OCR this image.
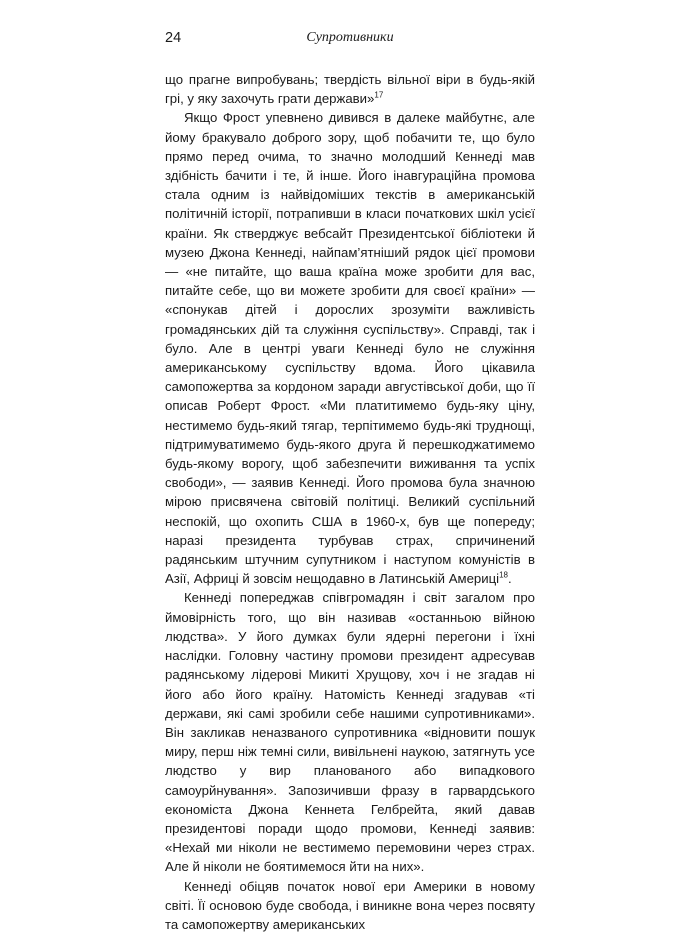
24	Супротивники

що прагне випробувань; твердість вільної віри в будь-якій грі, у яку захочуть грати держави»$^{17}$

Якщо Фрост упевнено дивився в далеке майбутнє, але йому бракувало доброго зору, щоб побачити те, що було прямо перед очима, то значно молодший Кеннеді мав здібність бачити і те, й інше. Його інавгураційна промова стала одним із найвідоміших текстів в американській політичній історії, потрапивши в класи початкових шкіл усієї країни. Як стверджує вебсайт Президентської бібліотеки й музею Джона Кеннеді, найпам’ятніший рядок цієї промови — «не питайте, що ваша країна може зробити для вас, питайте себе, що ви можете зробити для своєї країни» — «спонукав дітей і дорослих зрозуміти важливість громадянських дій та служіння суспільству». Справді, так і було. Але в центрі уваги Кеннеді було не служіння американському суспільству вдома. Його цікавила самопожертва за кордоном заради августівської доби, що її описав Роберт Фрост. «Ми платитимемо будь-яку ціну, нестимемо будь-який тягар, терпітимемо будь-які труднощі, підтримуватимемо будь-якого друга й перешкоджатимемо будь-якому ворогу, щоб забезпечити виживання та успіх свободи», — заявив Кеннеді. Його промова була значною мірою присвячена світовій політиці. Великий суспільний неспокій, що охопить США в 1960-х, був ще попереду; наразі президента турбував страх, спричинений радянським штучним супутником і наступом комуністів в Азії, Африці й зовсім нещодавно в Латинській Америці$^{18}$.

Кеннеді попереджав співгромадян і світ загалом про ймовірність того, що він називав «останньою війною людства». У його думках були ядерні перегони і їхні наслідки. Головну частину промови президент адресував радянському лідерові Микиті Хрущову, хоч і не згадав ні його або його країну. Натомість Кеннеді згадував «ті держави, які самі зробили себе нашими супротивниками». Він закликав неназваного супротивника «відновити пошук миру, перш ніж темні сили, вивільнені наукою, затягнуть усе людство у вир планованого або випадкового самоурйнування». Запозичивши фразу в гарвардського економіста Джона Кеннета Гелбрейта, який давав президентові поради щодо промови, Кеннеді заявив: «Нехай ми ніколи не вестимемо перемовини через страх. Але й ніколи не боятимемося йти на них».

Кеннеді обіцяв початок нової ери Америки в новому світі. Її основою буде свобода, і виникне вона через посвяту та самопожертву американських
